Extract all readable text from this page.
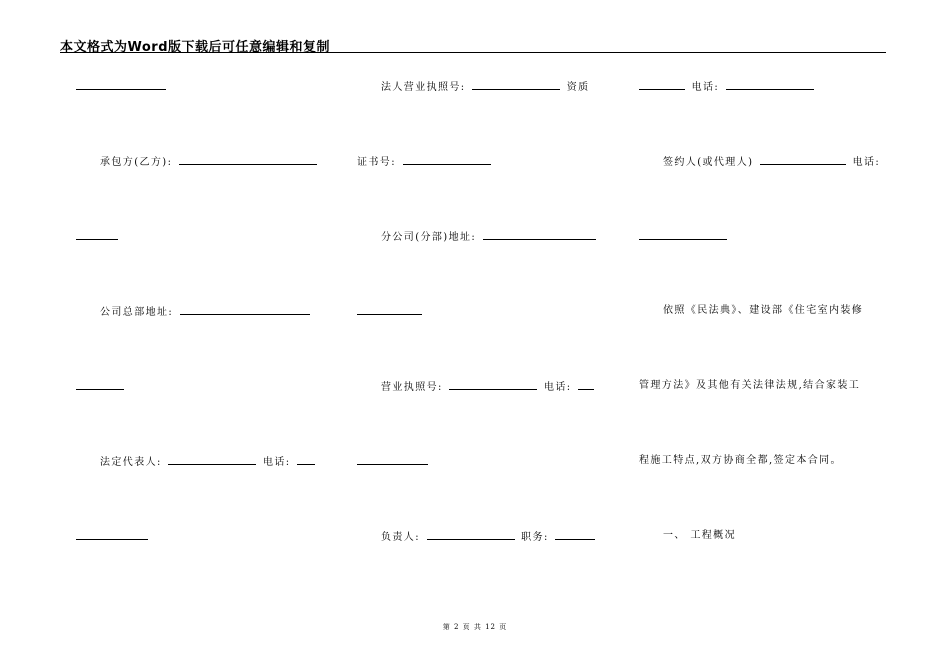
本文格式为Word版下载后可任意编辑和复制
承包方(乙方):
公司总部地址:
法定代表人:	电话:
法人营业执照号:	资质
证书号:
分公司(分部)地址:
营业执照号:	电话:
负责人:	职务:
电话:
签约人(或代理人)	电话:
依照《民法典》、建设部《住宅室内装修
管理方法》及其他有关法律法规,结合家装工
程施工特点,双方协商全都,签定本合同。
一、 工程概况
第 2 页 共 12 页
